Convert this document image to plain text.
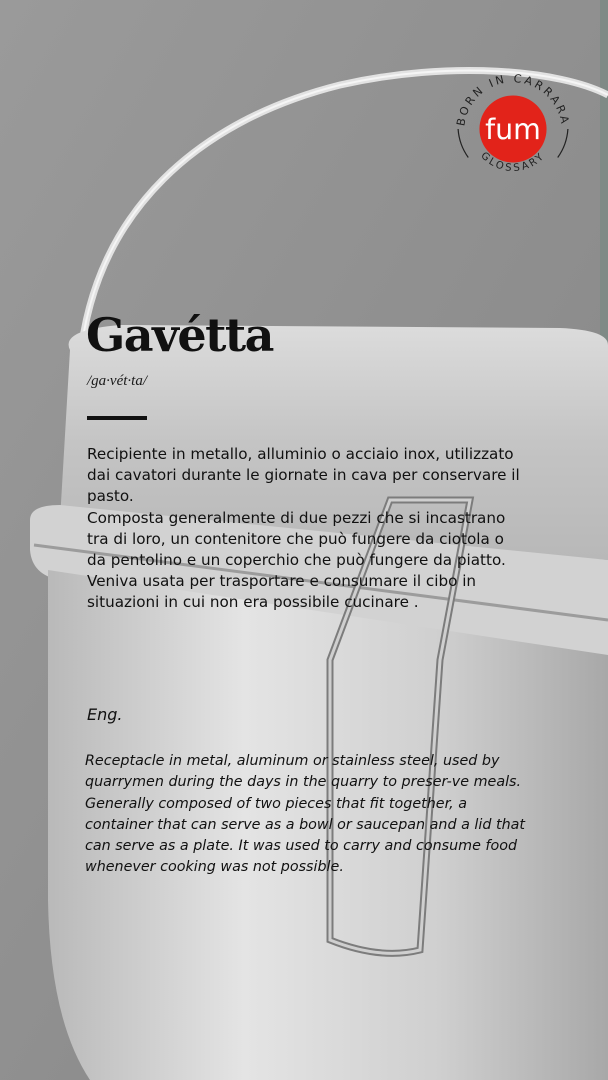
BORN IN CARRARA
GLOSSARY
fum
Gavétta
/ga·vét·ta/

Recipiente in metallo, alluminio o acciaio inox, utilizzato dai cavatori durante le giornate in cava per conservare il pasto.

Composta generalmente di due pezzi che si incastrano tra di loro, un contenitore che può fungere da ciotola o da pentolino e un coperchio che può fungere da piatto. Veniva usata per trasportare e consumare il cibo in situazioni in cui non era possibile cucinare .

Eng.

Receptacle in metal, aluminum or stainless steel, used by quarrymen during the days in the quarry to preser-ve meals.

Generally composed of two pieces that fit together, a container that can serve as a bowl or saucepan and a lid that can serve as a plate. It was used to carry and consume food whenever cooking was not possible.
